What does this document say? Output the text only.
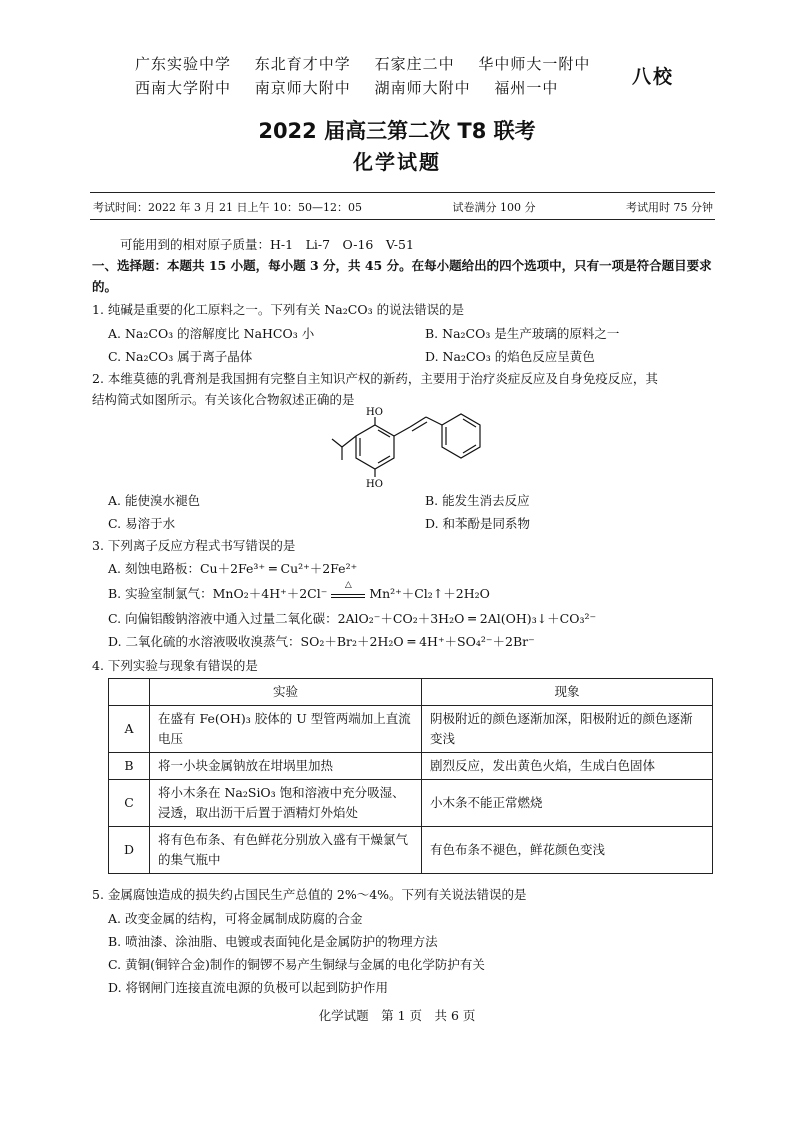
广东实验中学 东北育才中学 石家庄二中 华中师大一附中
西南大学附中 南京师大附中 湖南师大附中 福州一中	八校
2022 届高三第二次 T8 联考
化学试题
考试时间：2022 年 3 月 21 日上午 10：50—12：05	试卷满分 100 分	考试用时 75 分钟
可能用到的相对原子质量：H-1　Li-7　O-16　V-51
一、选择题：本题共 15 小题，每小题 3 分，共 45 分。在每小题给出的四个选项中，只有一项是符合题目要求的。
1. 纯碱是重要的化工原料之一。下列有关 Na₂CO₃ 的说法错误的是
A. Na₂CO₃ 的溶解度比 NaHCO₃ 小	B. Na₂CO₃ 是生产玻璃的原料之一
C. Na₂CO₃ 属于离子晶体	D. Na₂CO₃ 的焰色反应呈黄色
2. 本维莫德的乳膏剂是我国拥有完整自主知识产权的新药，主要用于治疗炎症反应及自身免疫反应，其
结构简式如图所示。有关该化合物叙述正确的是
HO
HO
A. 能使溴水褪色	B. 能发生消去反应
C. 易溶于水	D. 和苯酚是同系物
3. 下列离子反应方程式书写错误的是
A. 刻蚀电路板：Cu＋2Fe³⁺ ═ Cu²⁺＋2Fe²⁺
B. 实验室制氯气：MnO₂＋4H⁺＋2Cl⁻
△
Mn²⁺＋Cl₂↑＋2H₂O
C. 向偏铝酸钠溶液中通入过量二氧化碳：2AlO₂⁻＋CO₂＋3H₂O ═ 2Al(OH)₃↓＋CO₃²⁻
D. 二氧化硫的水溶液吸收溴蒸气：SO₂＋Br₂＋2H₂O ═ 4H⁺＋SO₄²⁻＋2Br⁻
4. 下列实验与现象有错误的是
	实验	现象
A	在盛有 Fe(OH)₃ 胶体的 U 型管两端加上直流电压	阴极附近的颜色逐渐加深，阳极附近的颜色逐渐变浅
B	将一小块金属钠放在坩埚里加热	剧烈反应，发出黄色火焰，生成白色固体
C	将小木条在 Na₂SiO₃ 饱和溶液中充分吸湿、浸透，取出沥干后置于酒精灯外焰处	小木条不能正常燃烧
D	将有色布条、有色鲜花分别放入盛有干燥氯气的集气瓶中	有色布条不褪色，鲜花颜色变浅
5. 金属腐蚀造成的损失约占国民生产总值的 2%～4%。下列有关说法错误的是
A. 改变金属的结构，可将金属制成防腐的合金
B. 喷油漆、涂油脂、电镀或表面钝化是金属防护的物理方法
C. 黄铜(铜锌合金)制作的铜锣不易产生铜绿与金属的电化学防护有关
D. 将钢闸门连接直流电源的负极可以起到防护作用
化学试题　第 1 页　共 6 页
